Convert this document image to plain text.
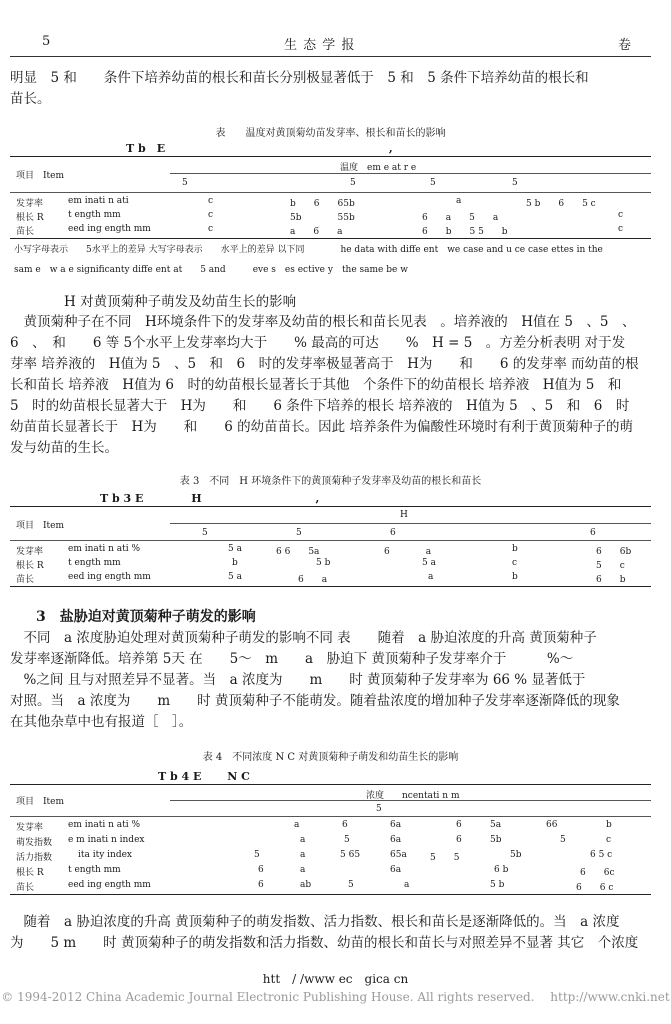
5	生 态 学 报	卷

明显　5 和　　条件下培养幼苗的根长和苗长分别极显著低于　5 和　5 条件下培养幼苗的根长和

苗长。

表　　温度对黄顶菊幼苗发芽率、根长和苗长的影响
T b　E　　　　　　　　　　　　　　　　　　　　 ,
项目　Item
温度　em e at r e
5	5	5	5
发芽率	em inati n ati	c	b　　6　　65b	a	5 b　　6　　5 c
根长 R	t ength mm	c	5b　　　　55b	6　　a　　5　　a	c
苗长	eed ing ength mm	c	a　　6　　a	6　　b　　5 5　　b	c
小写字母表示　　5水平上的差异 大写字母表示　　水平上的差异 以下同　　　　he data with diffe ent　we case and u ce case ettes in the
sam e　w a e significanty diffe ent at　　5 and　　　eve s　es ective y　the same be w
H 对黄顶菊种子萌发及幼苗生长的影响

　黄顶菊种子在不同　H环境条件下的发芽率及幼苗的根长和苗长见表　。培养液的　H值在 5　、5　、

6　、　和　　6 等 5个水平上发芽率均大于　　% 最高的可达　　%　H = 5　。方差分析表明 对于发

芽率 培养液的　H值为 5　、5　和　6　时的发芽率极显著高于　H为　　和　　6 的发芽率 而幼苗的根

长和苗长 培养液　H值为 6　时的幼苗根长显著长于其他　个条件下的幼苗根长 培养液　H值为 5　和

5　时的幼苗根长显著大于　H为　　和　　6 条件下培养的根长 培养液的　H值为 5　、5　和　6　时

幼苗苗长显著长于　H为　　和　　6 的幼苗苗长。因此 培养条件为偏酸性环境时有利于黄顶菊种子的萌

发与幼苗的生长。

表 3　不同　H 环境条件下的黄顶菊种子发芽率及幼苗的根长和苗长
T b 3 E　　　　 H　　　　　　　　　　 ,
项目　Item
H
5	5	6	6
发芽率	em inati n ati %	5 a	6 6　　5a	6　　　　a	b	6　　6b
根长 R	t ength mm	b	5 b	5 a	c	5　　c
苗长	eed ing ength mm	5 a	6　　a	a	b	6　　b
3　盐胁迫对黄顶菊种子萌发的影响

　不同　a 浓度胁迫处理对黄顶菊种子萌发的影响不同 表　　随着　a 胁迫浓度的升高 黄顶菊种子

发芽率逐渐降低。培养第 5天 在　　5～　m　　a　胁迫下 黄顶菊种子发芽率介于　　　%～

　%之间 且与对照差异不显著。当　a 浓度为　　m　　时 黄顶菊种子发芽率为 66 % 显著低于

对照。当　a 浓度为　　m　　时 黄顶菊种子不能萌发。随着盐浓度的增加种子发芽率逐渐降低的现象

在其他杂草中也有报道［　］。

表 4　不同浓度 N C 对黄顶菊种子萌发和幼苗生长的影响
T b 4 E　　 N C
项目　Item
浓度　　ncentati n m
5
发芽率	em inati n ati %	a	6	6a	6	5a	66	b
萌发指数 e m inati n index	a	5	6a	6	5b	5	c
活力指数	ita ity index	5	a	5 65	65a	5　　5	5b	6 5 c
根长 R	t ength mm	6	a	6a	6 b	6　　6c
苗长	eed ing ength mm	6	ab	5	a	5 b	6　　6 c

　随着　a 胁迫浓度的升高 黄顶菊种子的萌发指数、活力指数、根长和苗长是逐渐降低的。当　a 浓度

为　　5 m　　时 黄顶菊种子的萌发指数和活力指数、幼苗的根长和苗长与对照差异不显著 其它　个浓度

htt　/ /www ec　gica cn
© 1994-2012 China Academic Journal Electronic Publishing House. All rights reserved.　 http://www.cnki.net
